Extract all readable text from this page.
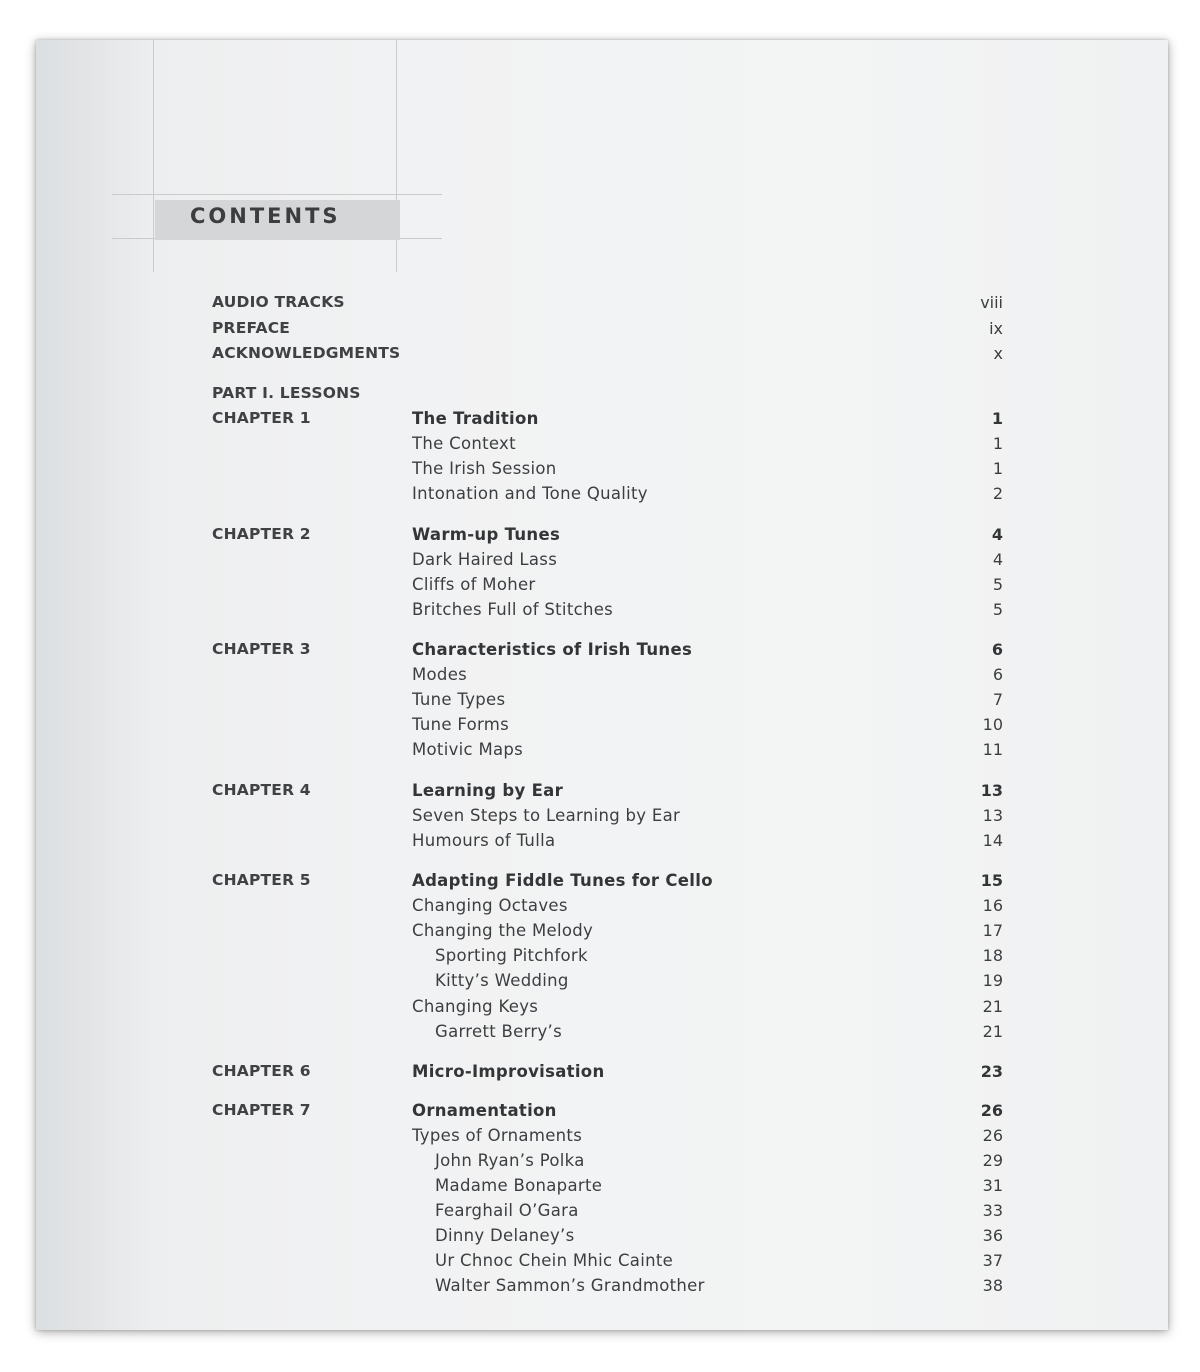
CONTENTS
AUDIO TRACKS	viii
PREFACE	ix
ACKNOWLEDGMENTS	x
PART I. LESSONS
CHAPTER 1	The Tradition	1
The Context	1
The Irish Session	1
Intonation and Tone Quality	2
CHAPTER 2	Warm-up Tunes	4
Dark Haired Lass	4
Cliffs of Moher	5
Britches Full of Stitches	5
CHAPTER 3	Characteristics of Irish Tunes	6
Modes	6
Tune Types	7
Tune Forms	10
Motivic Maps	11
CHAPTER 4	Learning by Ear	13
Seven Steps to Learning by Ear	13
Humours of Tulla	14
CHAPTER 5	Adapting Fiddle Tunes for Cello	15
Changing Octaves	16
Changing the Melody	17
Sporting Pitchfork	18
Kitty’s Wedding	19
Changing Keys	21
Garrett Berry’s	21
CHAPTER 6	Micro-Improvisation	23
CHAPTER 7	Ornamentation	26
Types of Ornaments	26
John Ryan’s Polka	29
Madame Bonaparte	31
Fearghail O’Gara	33
Dinny Delaney’s	36
Ur Chnoc Chein Mhic Cainte	37
Walter Sammon’s Grandmother	38
